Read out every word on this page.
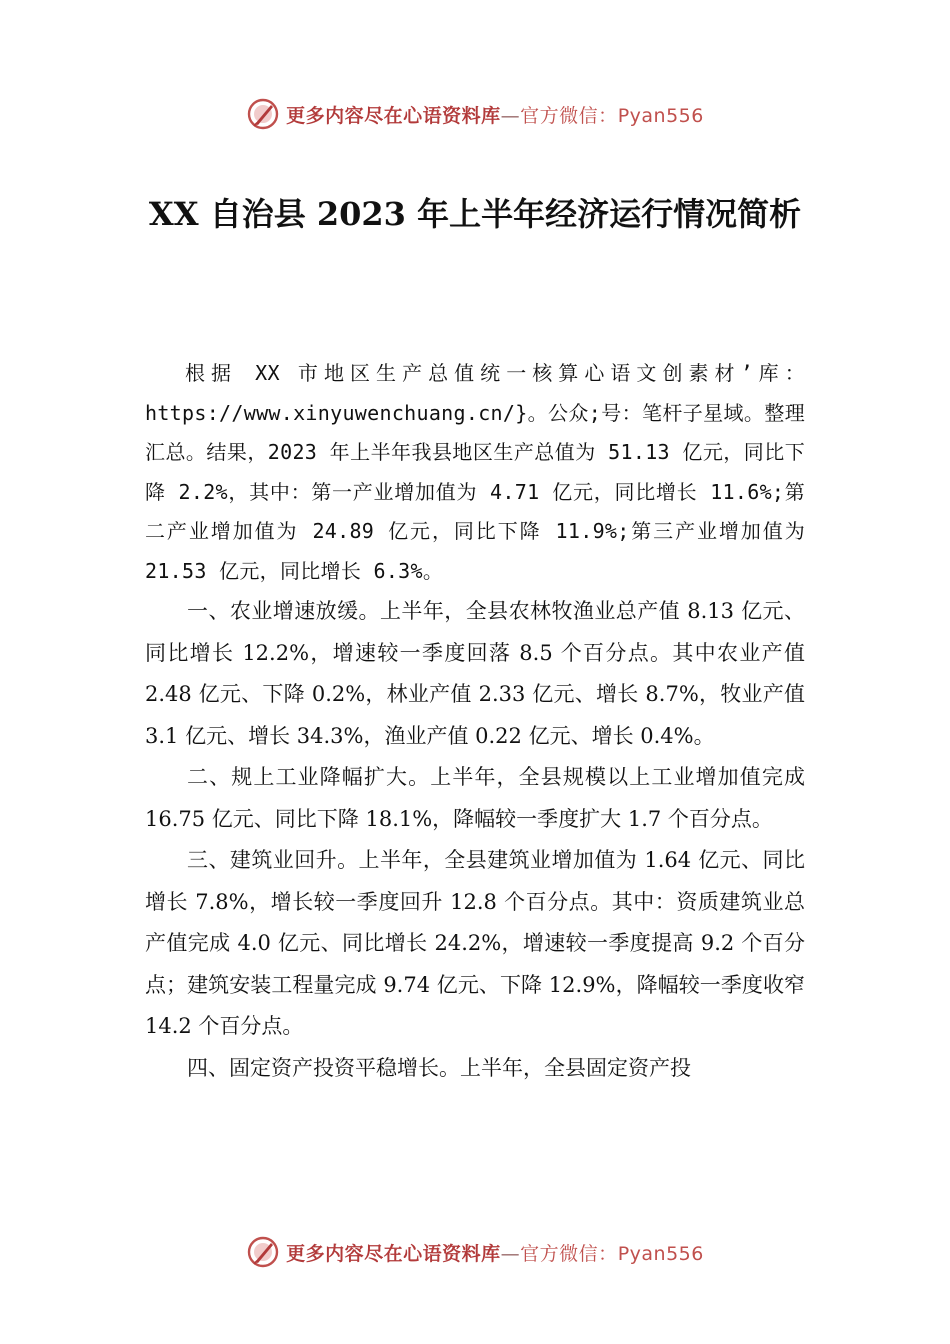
更多内容尽在心语资料库—官方微信：Pyan556
XX 自治县 2023 年上半年经济运行情况简析

根据 XX 市地区生产总值统一核算心语文创素材’库：https://www.xinyuwenchuang.cn/}。公众;号：笔杆子星域。整理汇总。结果，2023 年上半年我县地区生产总值为 51.13 亿元，同比下降 2.2%，其中：第一产业增加值为 4.71 亿元，同比增长 11.6%;第二产业增加值为 24.89 亿元，同比下降 11.9%;第三产业增加值为 21.53 亿元，同比增长 6.3%。

一、农业增速放缓。上半年，全县农林牧渔业总产值 8.13 亿元、同比增长 12.2%，增速较一季度回落 8.5 个百分点。其中农业产值 2.48 亿元、下降 0.2%，林业产值 2.33 亿元、增长 8.7%，牧业产值 3.1 亿元、增长 34.3%，渔业产值 0.22 亿元、增长 0.4%。

二、规上工业降幅扩大。上半年，全县规模以上工业增加值完成 16.75 亿元、同比下降 18.1%，降幅较一季度扩大 1.7 个百分点。

三、建筑业回升。上半年，全县建筑业增加值为 1.64 亿元、同比增长 7.8%，增长较一季度回升 12.8 个百分点。其中：资质建筑业总产值完成 4.0 亿元、同比增长 24.2%，增速较一季度提高 9.2 个百分点；建筑安装工程量完成 9.74 亿元、下降 12.9%，降幅较一季度收窄 14.2 个百分点。

四、固定资产投资平稳增长。上半年，全县固定资产投

更多内容尽在心语资料库—官方微信：Pyan556
